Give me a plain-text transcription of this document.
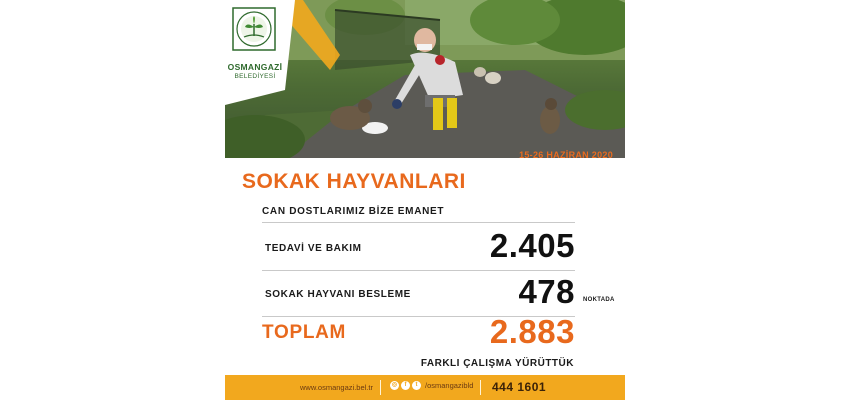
OSMANGAZİ
BELEDİYESİ
15-26 HAZİRAN 2020
SOKAK HAYVANLARI
CAN DOSTLARIMIZ BİZE EMANET
TEDAVİ VE BAKIM	2.405
SOKAK HAYVANI BESLEME	478 NOKTADA
TOPLAM	2.883
FARKLI ÇALIŞMA YÜRÜTTÜK
www.osmangazi.bel.tr	◎	f	t	/osmangazibld 444 1601
